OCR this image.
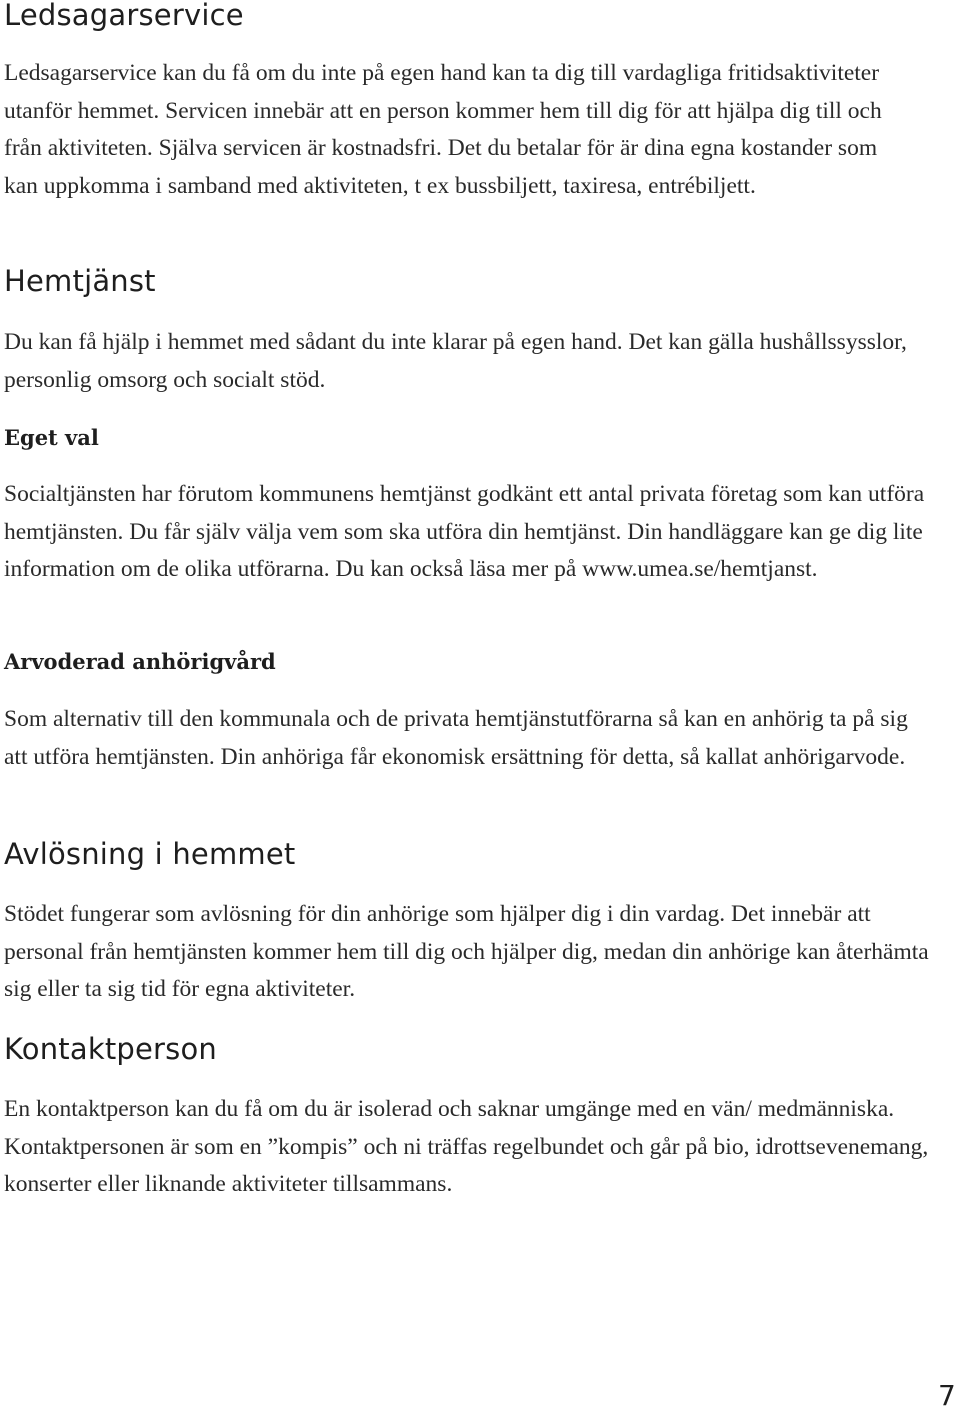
Ledsagarservice

Ledsagarservice kan du få om du inte på egen hand kan ta dig till vardagliga fritidsaktiviteter utanför hemmet. Servicen innebär att en person kommer hem till dig för att hjälpa dig till och från aktiviteten. Själva servicen är kostnadsfri. Det du betalar för är dina egna kostander som kan uppkomma i samband med aktiviteten, t ex bussbiljett, taxiresa, entrébiljett.

Hemtjänst

Du kan få hjälp i hemmet med sådant du inte klarar på egen hand. Det kan gälla hushållssysslor, personlig omsorg och socialt stöd.

Eget val

Socialtjänsten har förutom kommunens hemtjänst godkänt ett antal privata företag som kan utföra hemtjänsten. Du får själv välja vem som ska utföra din hemtjänst. Din handläggare kan ge dig lite information om de olika utförarna. Du kan också läsa mer på www.umea.se/hemtjanst.

Arvoderad anhörigvård

Som alternativ till den kommunala och de privata hemtjänstutförarna så kan en anhörig ta på sig att utföra hemtjänsten. Din anhöriga får ekonomisk ersättning för detta, så kallat anhörigarvode.

Avlösning i hemmet

Stödet fungerar som avlösning för din anhörige som hjälper dig i din vardag. Det innebär att personal från hemtjänsten kommer hem till dig och hjälper dig, medan din anhörige kan återhämta sig eller ta sig tid för egna aktiviteter.

Kontaktperson

En kontaktperson kan du få om du är isolerad och saknar umgänge med en vän/ medmänniska. Kontaktpersonen är som en ”kompis” och ni träffas regelbundet och går på bio, idrottsevenemang, konserter eller liknande aktiviteter tillsammans.

7
